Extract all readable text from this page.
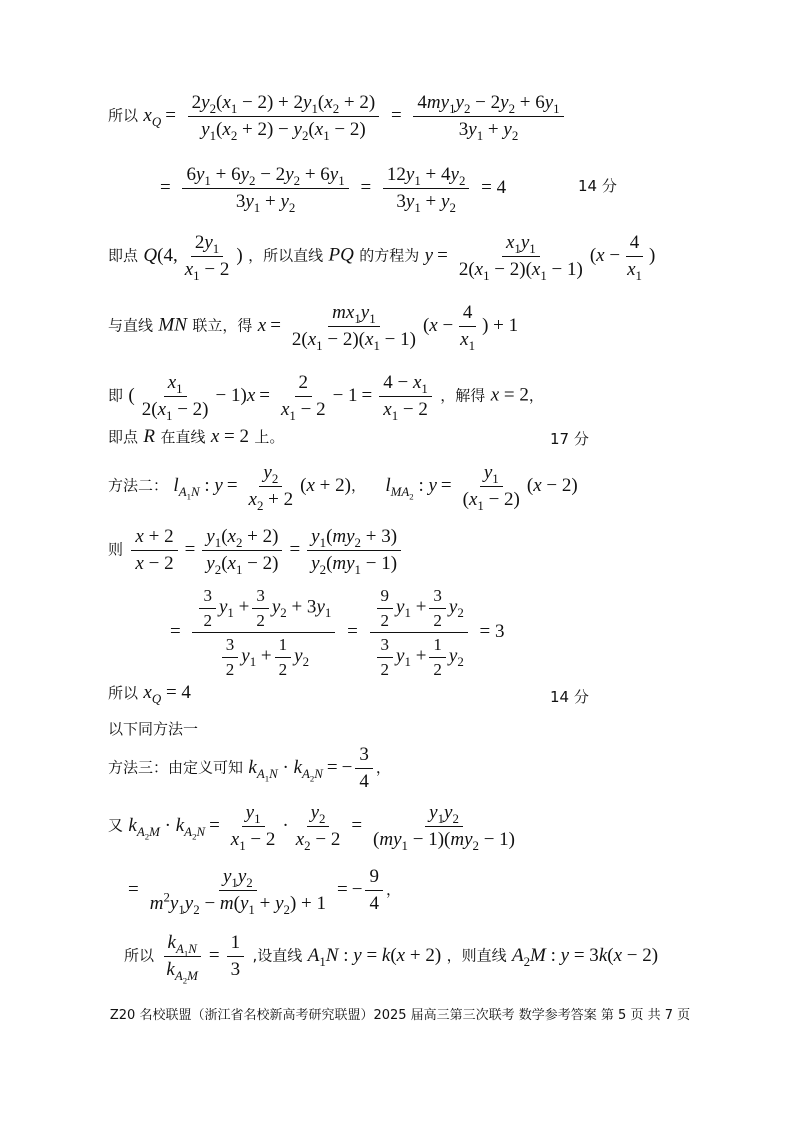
所以 $x_Q = \frac{2y_2(x_1 - 2) + 2y_1(x_2 + 2)}{y_1(x_2 + 2) - y_2(x_1 - 2)} = \frac{4my_1y_2 - 2y_2 + 6y_1}{3y_1 + y_2}$
= $\frac{6y_1 + 6y_2 - 2y_2 + 6y_1}{3y_1 + y_2} = \frac{12y_1 + 4y_2}{3y_1 + y_2} = 4$	14 分
即点 Q(4, $\frac{2y_1}{x_1 - 2}$ ) ，所以直线 PQ 的方程为 $y = \frac{x_1y_1}{2(x_1 - 2)(x_1 - 1)} (x - \frac{4}{x_1}$ )
与直线 MN 联立，得 $x = \frac{mx_1y_1}{2(x_1 - 2)(x_1 - 1)} (x - \frac{4}{x_1}$ ) + 1
即 ( $\frac{x_1}{2(x_1 - 2)} - 1)x = \frac{2}{x_1 - 2} - 1 = \frac{4 - x_1}{x_1 - 2}$ ，解得 x = 2，
即点 R 在直线 x = 2 上。	17 分
方法二： $l_{A_1N}$ : $y = \frac{y_2}{x_2 + 2} (x + 2)$， $l_{MA_2}$ : $y = \frac{y_1}{(x_1 - 2)} (x - 2)$
则 $\frac{x + 2}{x - 2} = \frac{y_1(x_2 + 2)}{y_2(x_1 - 2)} = \frac{y_1(my_2 + 3)}{y_2(my_1 - 1)}$
= $\frac{\frac{3}{2} y_1 + \frac{3}{2} y_2 + 3y_1}{\frac{3}{2} y_1 + \frac{1}{2} y_2} = \frac{\frac{9}{2} y_1 + \frac{3}{2} y_2}{\frac{3}{2} y_1 + \frac{1}{2} y_2} = 3$
所以 $x_Q = 4$	14 分
以下同方法一
方法三：由定义可知 $k_{A_1N} \cdot k_{A_2N}$ = − $\frac{3}{4}$ ，
又 $k_{A_2M} \cdot k_{A_2N} = \frac{y_1}{x_1 - 2} \cdot \frac{y_2}{x_2 - 2} = \frac{y_1y_2}{(my_1 - 1)(my_2 - 1)}$
= $\frac{y_1y_2}{m^2y_1y_2 - m(y_1 + y_2) + 1}$ = − $\frac{9}{4}$ ，
所以 $\frac{k_{A_1N}}{k_{A_2M}} = \frac{1}{3}$ ,设直线 $A_1N$ : y = k(x + 2) ，则直线 $A_2M$ : y = 3k(x − 2)
Z20 名校联盟（浙江省名校新高考研究联盟）2025 届高三第三次联考 数学参考答案 第 5 页 共 7 页
